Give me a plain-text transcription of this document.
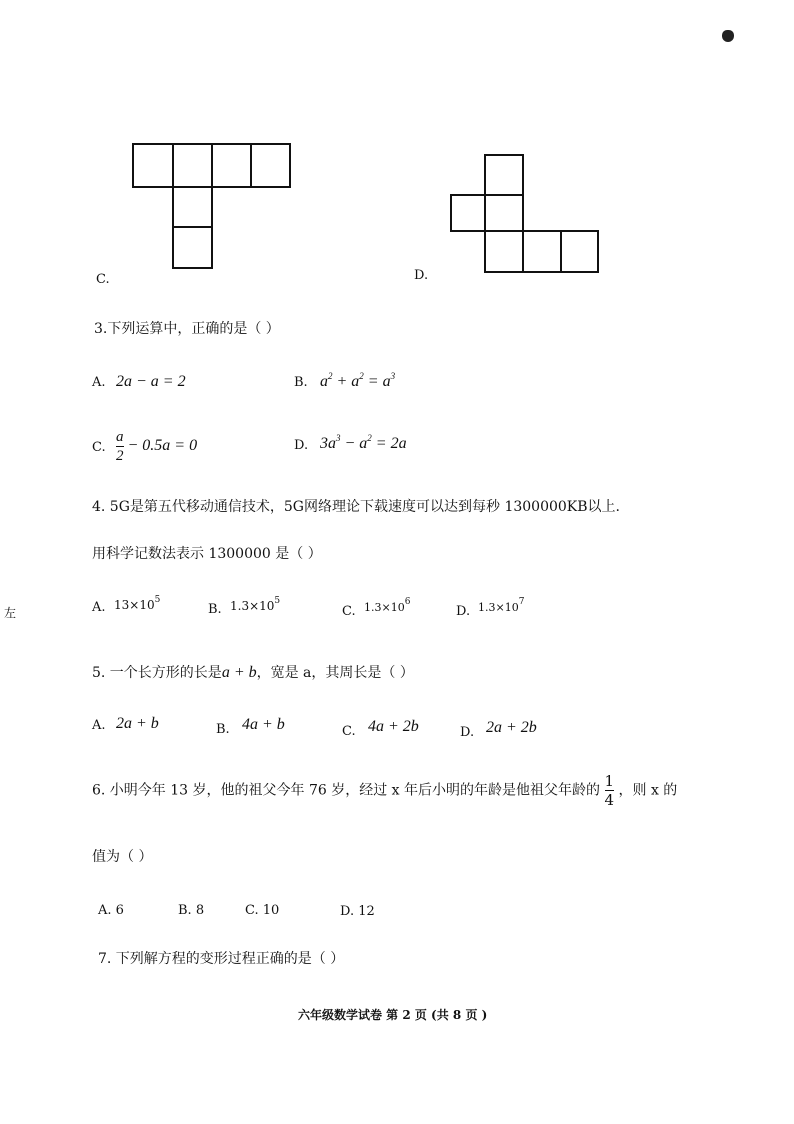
左
C.	D.
3.下列运算中，正确的是（ ）
A. 2a − a = 2	B. $a^2 + a^2 = a^3$
C. $\frac{a}{2} - 0.5a = 0$	D. $3a^3 - a^2 = 2a$
4. 5G是第五代移动通信技术，5G网络理论下载速度可以达到每秒 1300000KB以上.
用科学记数法表示 1300000 是（ ）
A. $13\times 10^5$
B. $1.3\times 10^5$
C. $1.3\times 10^6$
D. $1.3\times 10^7$
5. 一个长方形的长是a + b，宽是 a，其周长是（ ）
A. 2a + b	B. 4a + b	C. 4a + 2b	D. 2a + 2b
6. 小明今年 13 岁，他的祖父今年 76 岁，经过 x 年后小明的年龄是他祖父年龄的 $\frac{1}{4}$ ，则 x 的
值为（ ）
A. 6	B. 8	C. 10	D. 12
7. 下列解方程的变形过程正确的是（ ）
六年级数学试卷 第 2 页 (共 8 页 )
